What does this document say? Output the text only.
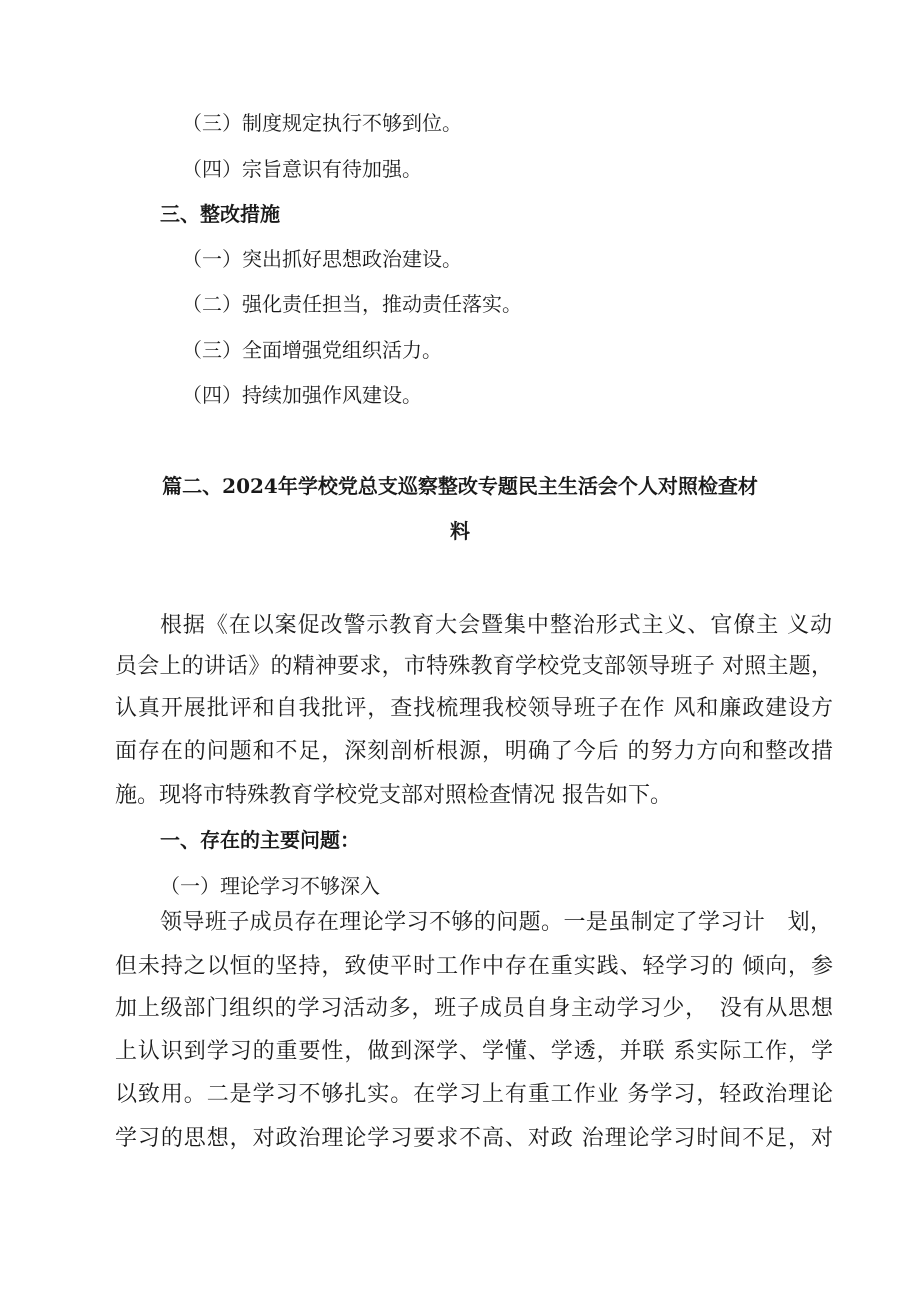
（三）制度规定执行不够到位。
（四）宗旨意识有待加强。
三、整改措施
（一）突出抓好思想政治建设。
（二）强化责任担当，推动责任落实。
（三）全面增强党组织活力。
（四）持续加强作风建设。
篇二、2024年学校党总支巡察整改专题民主生活会个人对照检查材
料
根据《在以案促改警示教育大会暨集中整治形式主义、官僚主 义动
员会上的讲话》的精神要求，市特殊教育学校党支部领导班子 对照主题，
认真开展批评和自我批评，查找梳理我校领导班子在作 风和廉政建设方
面存在的问题和不足，深刻剖析根源，明确了今后 的努力方向和整改措
施。现将市特殊教育学校党支部对照检查情况 报告如下。
一、存在的主要问题：
（一）理论学习不够深入
领导班子成员存在理论学习不够的问题。一是虽制定了学习计　划，
但未持之以恒的坚持，致使平时工作中存在重实践、轻学习的 倾向，参
加上级部门组织的学习活动多，班子成员自身主动学习少，　没有从思想
上认识到学习的重要性，做到深学、学懂、学透，并联 系实际工作，学
以致用。二是学习不够扎实。在学习上有重工作业 务学习，轻政治理论
学习的思想，对政治理论学习要求不高、对政 治理论学习时间不足，对
